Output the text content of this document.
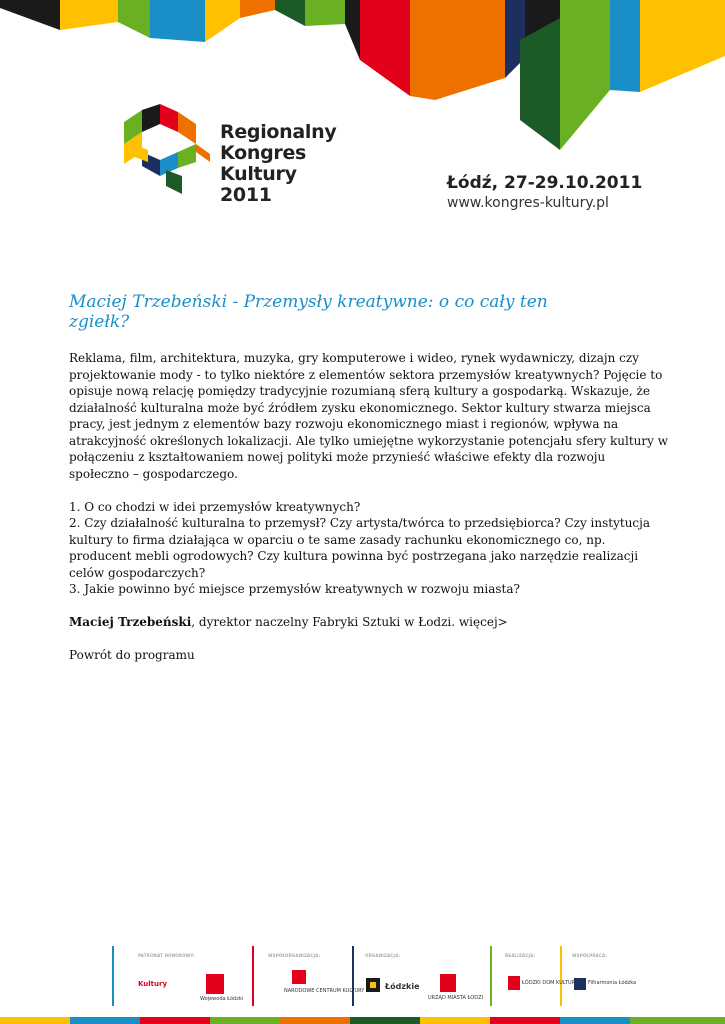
Regionalny
Kongres
Kultury
2011
Łódź, 27-29.10.2011
www.kongres-kultury.pl
Maciej Trzebeński - Przemysły kreatywne: o co cały ten zgiełk?

Reklama, film, architektura, muzyka, gry komputerowe i wideo, rynek wydawniczy, dizajn czy projektowanie mody - to tylko niektóre z elementów sektora przemysłów kreatywnych? Pojęcie to opisuje nową relację pomiędzy tradycyjnie rozumianą sferą kultury a gospodarką. Wskazuje, że działalność kulturalna może być źródłem zysku ekonomicznego. Sektor kultury stwarza miejsca pracy, jest jednym z elementów bazy rozwoju ekonomicznego miast i regionów, wpływa na atrakcyjność określonych lokalizacji. Ale tylko umiejętne wykorzystanie potencjału sfery kultury w połączeniu z kształtowaniem nowej polityki może przynieść właściwe efekty dla rozwoju społeczno – gospodarczego.

1. O co chodzi w idei przemysłów kreatywnych?

2. Czy działalność kulturalna to przemysł? Czy artysta/twórca to przedsiębiorca? Czy instytucja kultury to firma działająca w oparciu o te same zasady rachunku ekonomicznego co, np. producent mebli ogrodowych? Czy kultura powinna być postrzegana jako narzędzie realizacji celów gospodarczych?

3. Jakie powinno być miejsce przemysłów kreatywnych w rozwoju miasta?

Maciej Trzebeński, dyrektor naczelny Fabryki Sztuki w Łodzi. więcej>

Powrót do programu

PATRONAT HONOROWY:	WSPÓŁORGANIZACJA:	ORGANIZACJA:	REALIZACJA:	WSPÓŁPRACA:
Kultury
Wojewoda Łódzki
NARODOWE CENTRUM KULTURY	Łódzkie
URZĄD MIASTA ŁODZI
ŁÓDZKI DOM KULTURY Filharmonia Łódzka
